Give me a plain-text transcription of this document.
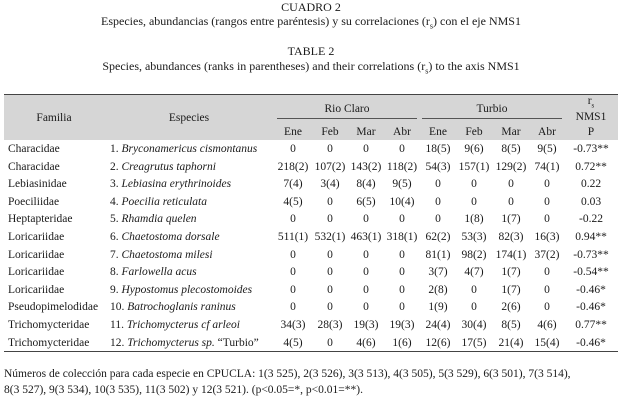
CUADRO 2
Especies, abundancias (rangos entre paréntesis) y su correlaciones $(r_s)$ con el eje NMS1
TABLE 2
Species, abundances (ranks in parentheses) and their correlations $(r_s)$ to the axis NMS1
Familia	Especies	Rio Claro				Turbio				$r_s$
NMS1
		Ene	Feb	Mar	Abr	Ene	Feb	Mar	Abr	P
Characidae	1. Bryconamericus cismontanus	0	0	0	0	18(5)	9(6)	8(5)	9(5)	-0.73**
Characidae	2. Creagrutus taphorni	218(2)	107(2)	143(2)	118(2)	54(3)	157(1)	129(2)	74(1)	0.72**
Lebiasinidae	3. Lebiasina erythrinoides	7(4)	3(4)	8(4)	9(5)	0	0	0	0	0.22
Poeciliidae	4. Poecilia reticulata	4(5)	0	6(5)	10(4)	0	0	0	0	0.03
Heptapteridae	5. Rhamdia quelen	0	0	0	0	0	1(8)	1(7)	0	-0.22
Loricariidae	6. Chaetostoma dorsale	511(1)	532(1)	463(1)	318(1)	62(2)	53(3)	82(3)	16(3)	0.94**
Loricariidae	7. Chaetostoma milesi	0	0	0	0	81(1)	98(2)	174(1)	37(2)	-0.73**
Loricariidae	8. Farlowella acus	0	0	0	0	3(7)	4(7)	1(7)	0	-0.54**
Loricariidae	9. Hypostomus plecostomoides	0	0	0	0	2(8)	0	1(7)	0	-0.46*
Pseudopimelodidae	10. Batrochoglanis raninus	0	0	0	0	1(9)	0	2(6)	0	-0.46*
Trichomycteridae	11. Trichomycterus cf arleoi	34(3)	28(3)	19(3)	19(3)	24(4)	30(4)	8(5)	4(6)	0.77**
Trichomycteridae	12. Trichomycterus sp. “Turbio”	4(5)	0	4(6)	1(6)	12(6)	17(5)	21(4)	15(4)	-0.46*
Números de colección para cada especie en CPUCLA: 1(3 525), 2(3 526), 3(3 513), 4(3 505), 5(3 529), 6(3 501), 7(3 514),
8(3 527), 9(3 534), 10(3 535), 11(3 502) y 12(3 521). (p<0.05=*, p<0.01=**).
